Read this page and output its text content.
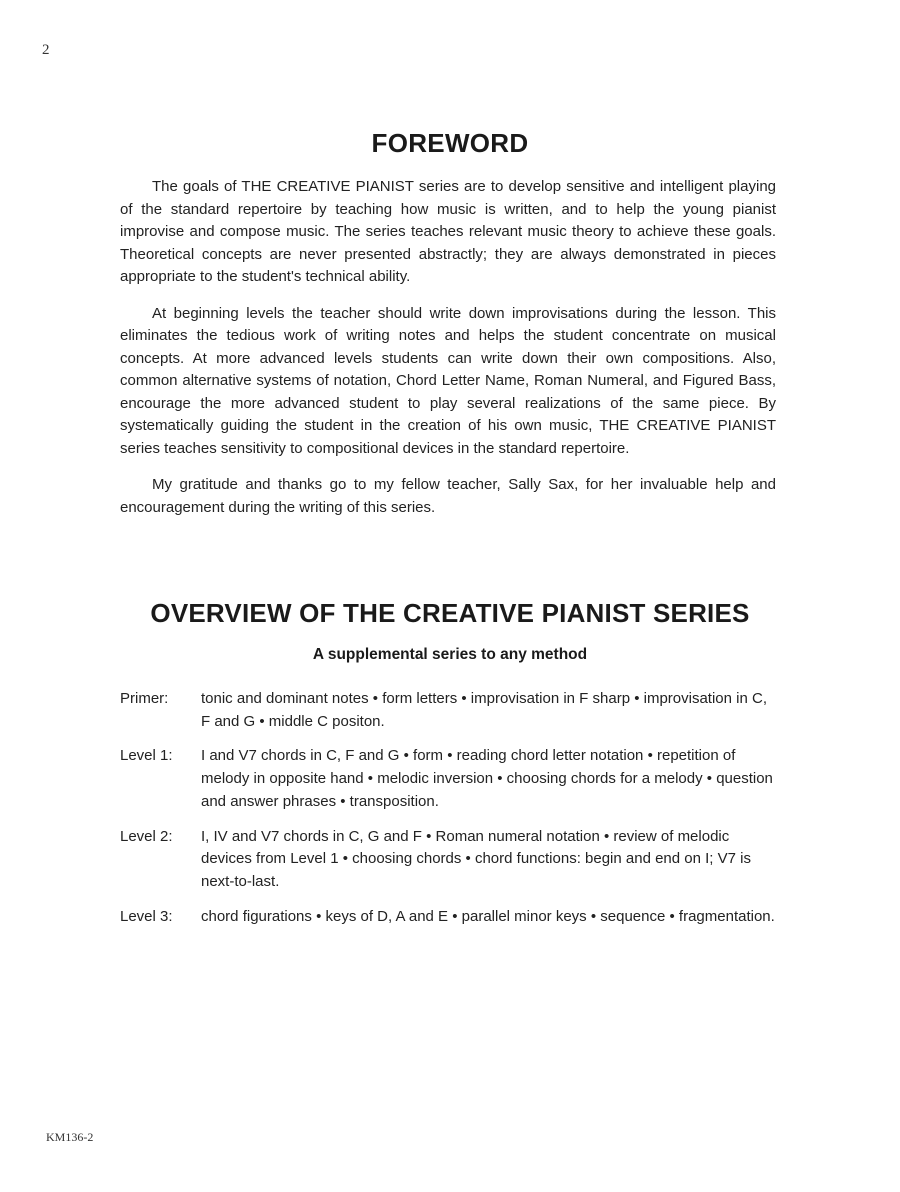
2
FOREWORD

The goals of THE CREATIVE PIANIST series are to develop sensitive and intelligent playing of the standard repertoire by teaching how music is written, and to help the young pianist improvise and compose music. The series teaches relevant music theory to achieve these goals. Theoretical concepts are never presented abstractly; they are always demonstrated in pieces appropriate to the student's technical ability.

At beginning levels the teacher should write down improvisations during the lesson. This eliminates the tedious work of writing notes and helps the student concentrate on musical concepts. At more advanced levels students can write down their own compositions. Also, common alternative systems of notation, Chord Letter Name, Roman Numeral, and Figured Bass, encourage the more advanced student to play several realizations of the same piece. By systematically guiding the student in the creation of his own music, THE CREATIVE PIANIST series teaches sensitivity to compositional devices in the standard repertoire.

My gratitude and thanks go to my fellow teacher, Sally Sax, for her invaluable help and encouragement during the writing of this series.

OVERVIEW OF THE CREATIVE PIANIST SERIES
A supplemental series to any method
Primer:	tonic and dominant notes • form letters • improvisation in F sharp • improvisation in C, F and G • middle C positon.
Level 1:	I and V7 chords in C, F and G • form • reading chord letter notation • repetition of melody in opposite hand • melodic inversion • choosing chords for a melody • question and answer phrases • transposition.
Level 2:	I, IV and V7 chords in C, G and F • Roman numeral notation • review of melodic devices from Level 1 • choosing chords • chord functions: begin and end on I; V7 is next-to-last.
Level 3:	chord figurations • keys of D, A and E • parallel minor keys • sequence • fragmentation.
KM136-2
